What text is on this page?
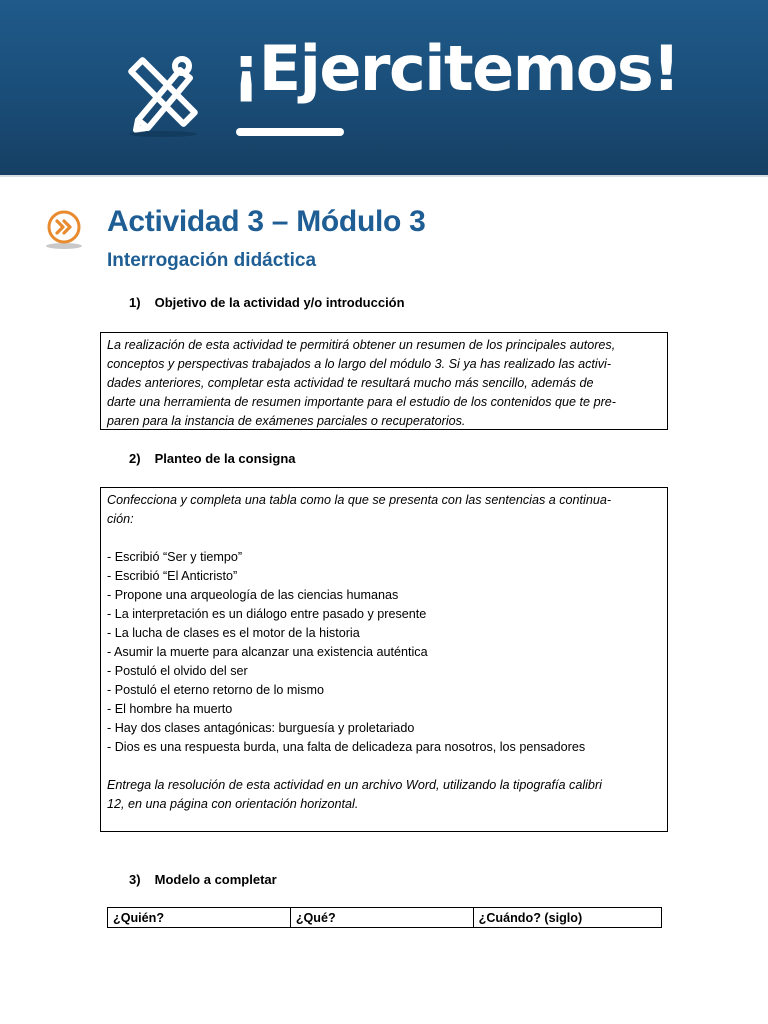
¡Ejercitemos!
Actividad 3 – Módulo 3
Interrogación didáctica
1) Objetivo de la actividad y/o introducción
La realización de esta actividad te permitirá obtener un resumen de los principales autores,
conceptos y perspectivas trabajados a lo largo del módulo 3. Si ya has realizado las activi-
dades anteriores, completar esta actividad te resultará mucho más sencillo, además de
darte una herramienta de resumen importante para el estudio de los contenidos que te pre-
paren para la instancia de exámenes parciales o recuperatorios.
2) Planteo de la consigna
Confecciona y completa una tabla como la que se presenta con las sentencias a continua-
ción:
- Escribió “Ser y tiempo”
- Escribió “El Anticristo”
- Propone una arqueología de las ciencias humanas
- La interpretación es un diálogo entre pasado y presente
- La lucha de clases es el motor de la historia
- Asumir la muerte para alcanzar una existencia auténtica
- Postuló el olvido del ser
- Postuló el eterno retorno de lo mismo
- El hombre ha muerto
- Hay dos clases antagónicas: burguesía y proletariado
- Dios es una respuesta burda, una falta de delicadeza para nosotros, los pensadores
Entrega la resolución de esta actividad en un archivo Word, utilizando la tipografía calibri
12, en una página con orientación horizontal.
3) Modelo a completar
¿Quién?	¿Qué?	¿Cuándo? (siglo)
